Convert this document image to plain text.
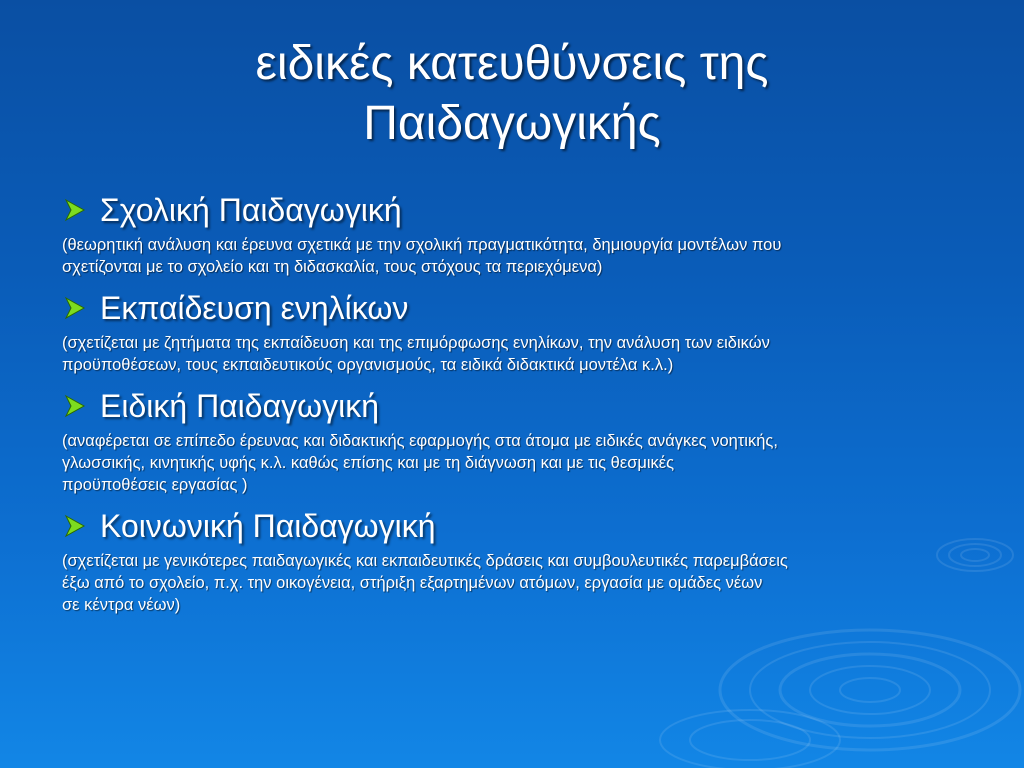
ειδικές κατευθύνσεις της
Παιδαγωγικής
Σχολική Παιδαγωγική
(θεωρητική ανάλυση και έρευνα σχετικά με την σχολική πραγματικότητα, δημιουργία μοντέλων που
σχετίζονται με το σχολείο και τη διδασκαλία, τους στόχους τα περιεχόμενα)
Εκπαίδευση ενηλίκων
(σχετίζεται με ζητήματα της εκπαίδευση και της επιμόρφωσης ενηλίκων, την ανάλυση των ειδικών
προϋποθέσεων, τους εκπαιδευτικούς οργανισμούς, τα ειδικά διδακτικά μοντέλα κ.λ.)
Ειδική Παιδαγωγική
(αναφέρεται σε επίπεδο έρευνας και διδακτικής εφαρμογής στα άτομα με ειδικές ανάγκες νοητικής,
γλωσσικής, κινητικής υφής κ.λ. καθώς επίσης και με τη διάγνωση και με τις θεσμικές
προϋποθέσεις εργασίας )
Κοινωνική Παιδαγωγική
(σχετίζεται με γενικότερες παιδαγωγικές και εκπαιδευτικές δράσεις και συμβουλευτικές παρεμβάσεις
έξω από το σχολείο, π.χ. την οικογένεια, στήριξη εξαρτημένων ατόμων, εργασία με ομάδες νέων
σε κέντρα νέων)
